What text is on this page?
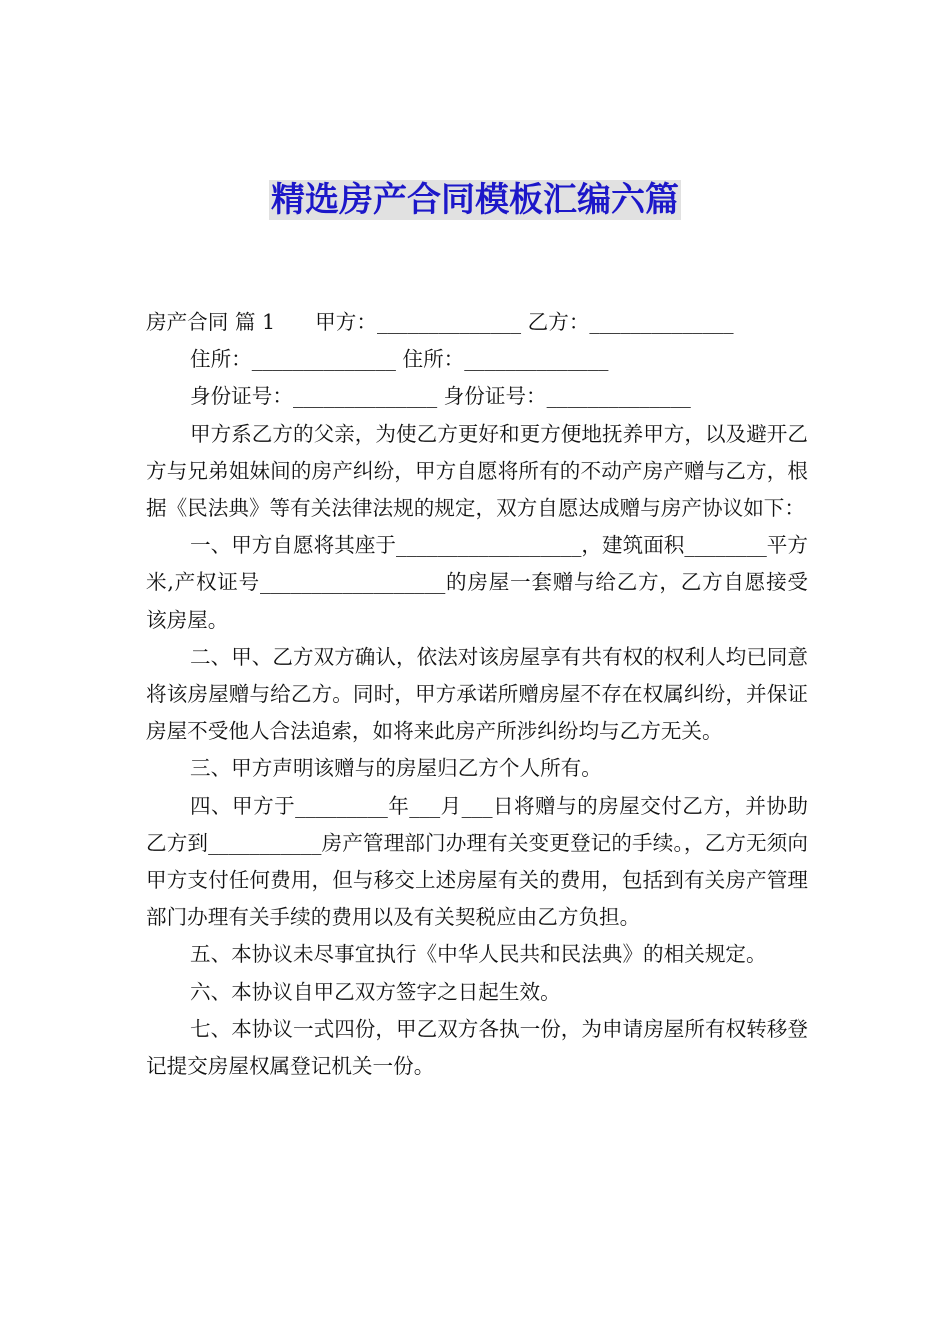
精选房产合同模板汇编六篇
房产合同 篇 1 甲方：______________ 乙方：______________
住所：______________ 住所：______________
身份证号：______________ 身份证号：______________

甲方系乙方的父亲，为使乙方更好和更方便地抚养甲方，以及避开乙方与兄弟姐妹间的房产纠纷，甲方自愿将所有的不动产房产赠与乙方，根据《民法典》等有关法律法规的规定，双方自愿达成赠与房产协议如下：

一、甲方自愿将其座于__________________，建筑面积________平方米,产权证号__________________的房屋一套赠与给乙方，乙方自愿接受该房屋。

二、甲、乙方双方确认，依法对该房屋享有共有权的权利人均已同意将该房屋赠与给乙方。同时，甲方承诺所赠房屋不存在权属纠纷，并保证房屋不受他人合法追索，如将来此房产所涉纠纷均与乙方无关。

三、甲方声明该赠与的房屋归乙方个人所有。

四、甲方于_________年___月___日将赠与的房屋交付乙方，并协助乙方到___________房产管理部门办理有关变更登记的手续。，乙方无须向甲方支付任何费用，但与移交上述房屋有关的费用，包括到有关房产管理部门办理有关手续的费用以及有关契税应由乙方负担。

五、本协议未尽事宜执行《中华人民共和民法典》的相关规定。

六、本协议自甲乙双方签字之日起生效。

七、本协议一式四份，甲乙双方各执一份，为申请房屋所有权转移登记提交房屋权属登记机关一份。
